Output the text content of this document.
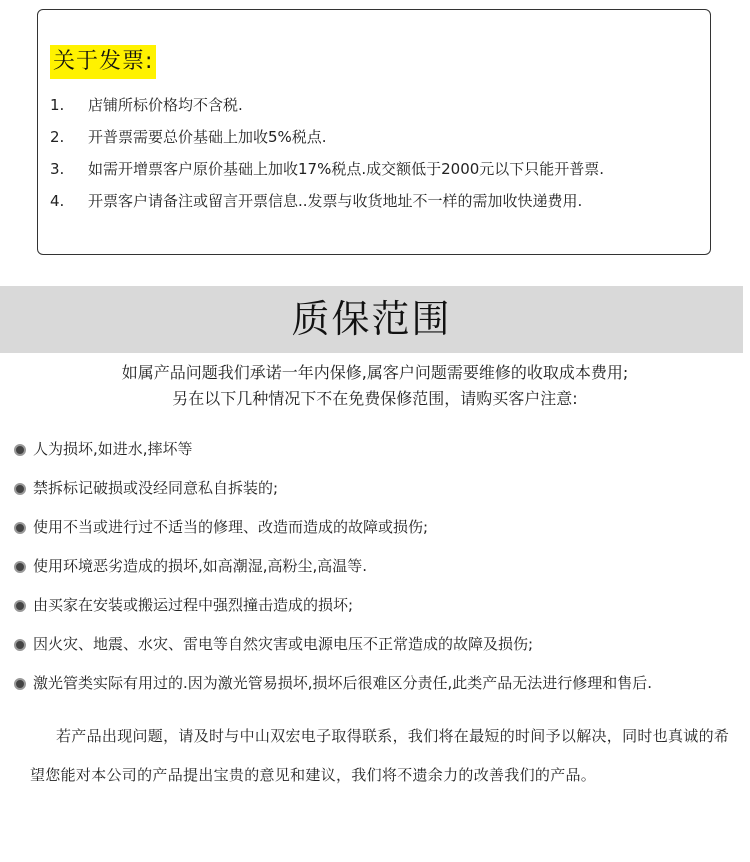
关于发票:
1. 店铺所标价格均不含税.
2. 开普票需要总价基础上加收5%税点.
3. 如需开增票客户原价基础上加收17%税点.成交额低于2000元以下只能开普票.
4. 开票客户请备注或留言开票信息..发票与收货地址不一样的需加收快递费用.
质保范围
如属产品问题我们承诺一年内保修,属客户问题需要维修的收取成本费用;
另在以下几种情况下不在免费保修范围，请购买客户注意:
人为损坏,如进水,摔坏等
禁拆标记破损或没经同意私自拆装的;
使用不当或进行过不适当的修理、改造而造成的故障或损伤;
使用环境恶劣造成的损坏,如高潮湿,高粉尘,高温等.
由买家在安装或搬运过程中强烈撞击造成的损坏;
因火灾、地震、水灾、雷电等自然灾害或电源电压不正常造成的故障及损伤;
激光管类实际有用过的.因为激光管易损坏,损坏后很难区分责任,此类产品无法进行修理和售后.

若产品出现问题，请及时与中山双宏电子取得联系，我们将在最短的时间予以解决，同时也真诚的希望您能对本公司的产品提出宝贵的意见和建议，我们将不遗余力的改善我们的产品。
